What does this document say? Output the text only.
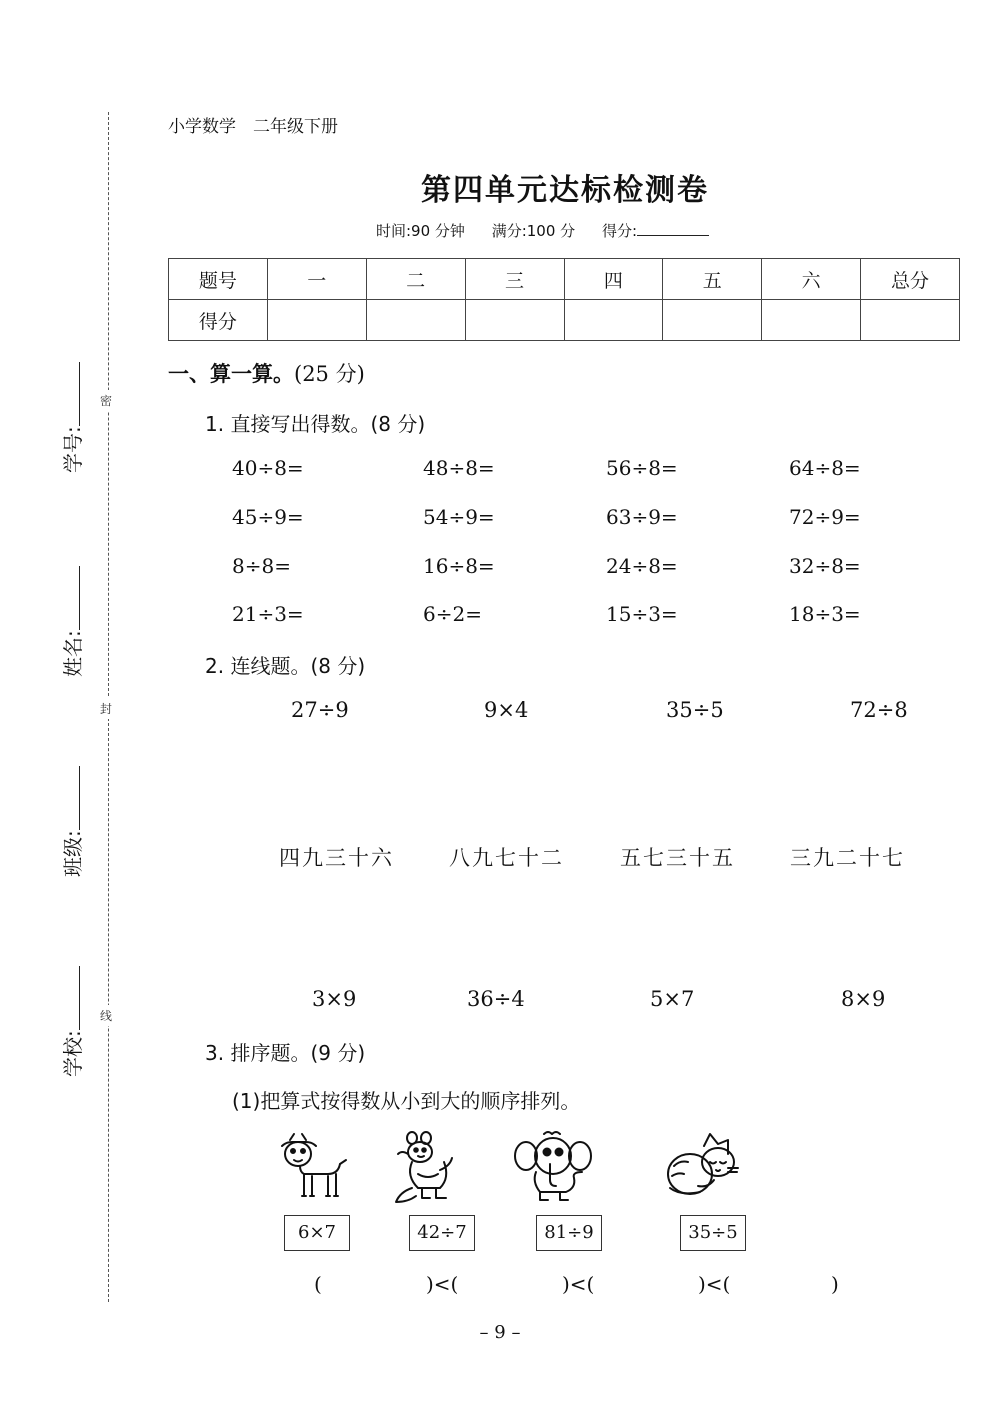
学号:
姓名:
班级:
学校:
密
封
线
小学数学　二年级下册
第四单元达标检测卷
时间:90 分钟 满分:100 分 得分:
题号	一	二	三	四	五	六	总分
得分							
一、算一算。(25 分)
1. 直接写出得数。(8 分)
40÷8=	48÷8=	56÷8=	64÷8=
45÷9=	54÷9=	63÷9=	72÷9=
8÷8=	16÷8=	24÷8=	32÷8=
21÷3=	6÷2=	15÷3=	18÷3=
2. 连线题。(8 分)
27÷9	9×4	35÷5	72÷8
四九三十六	八九七十二	五七三十五	三九二十七
3×9	36÷4	5×7	8×9
3. 排序题。(9 分)
(1)把算式按得数从小到大的顺序排列。
6×7	42÷7	81÷9	35÷5
(	)<(	)<(	)<(	)
– 9 –
